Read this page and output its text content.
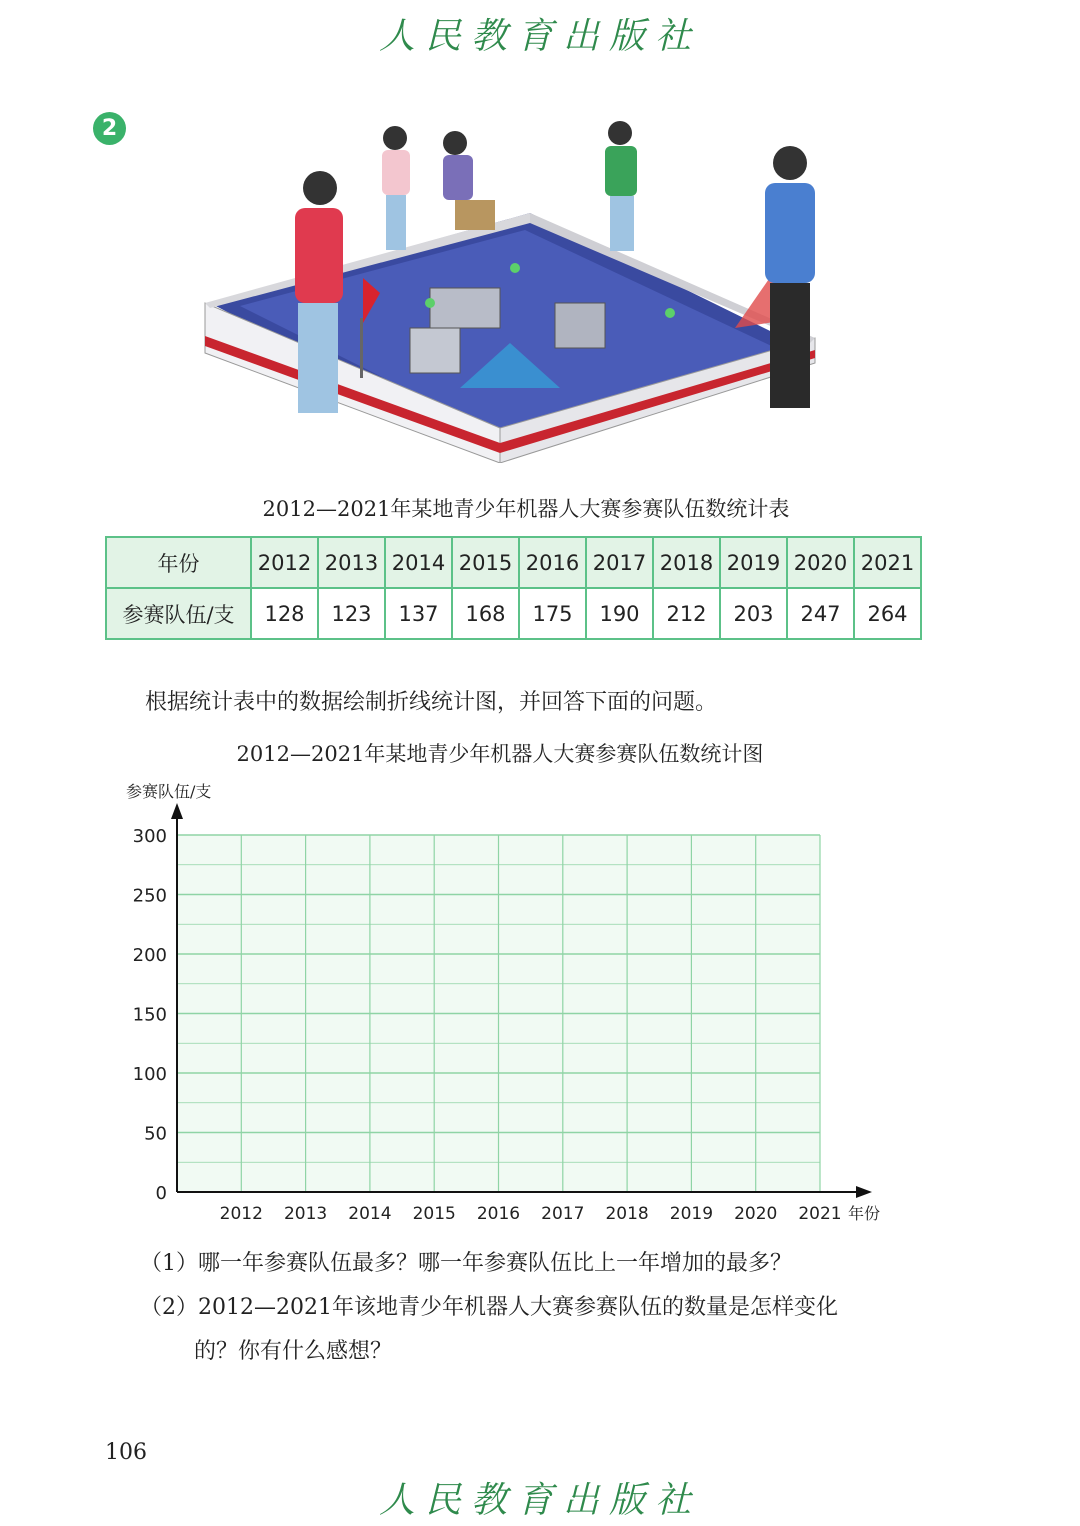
人民教育出版社
2
2012—2021年某地青少年机器人大赛参赛队伍数统计表
年份	2012	2013	2014	2015	2016	2017	2018	2019	2020	2021
参赛队伍/支	128	123	137	168	175	190	212	203	247	264
根据统计表中的数据绘制折线统计图，并回答下面的问题。
2012—2021年某地青少年机器人大赛参赛队伍数统计图
0
50
100
150
200
250
300
2012 2013 2014 2015 2016 2017 2018 2019 2020 2021
参赛队伍/支
年份
（1）哪一年参赛队伍最多？哪一年参赛队伍比上一年增加的最多？
（2）2012—2021年该地青少年机器人大赛参赛队伍的数量是怎样变化
的？你有什么感想？
106
人民教育出版社
